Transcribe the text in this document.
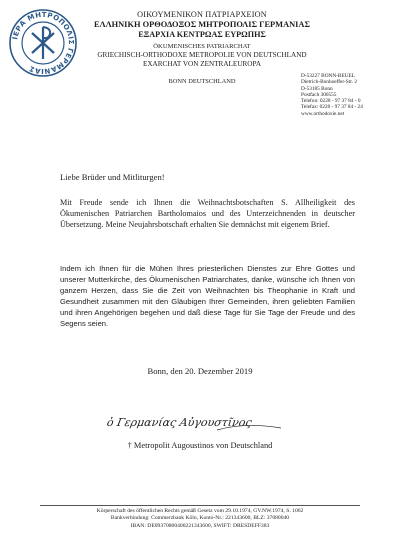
ΙΕΡΑ ΜΗΤΡΟΠΟΛΙΣ ΓΕΡΜΑΝΙΑΣ
ΟΙΚΟΥΜΕΝΙΚΟΝ ΠΑΤΡΙΑΡΧΕΙΟΝ
ΕΛΛΗΝΙΚΗ ΟΡΘΟΔΟΞΟΣ ΜΗΤΡΟΠΟΛΙΣ ΓΕΡΜΑΝΙΑΣ
ΕΞΑΡΧΙΑ ΚΕΝΤΡΩΑΣ ΕΥΡΩΠΗΣ
ÖKUMENISCHES PATRIARCHAT
GRIECHISCH-ORTHODOXE METROPOLIE VON DEUTSCHLAND
EXARCHAT VON ZENTRALEUROPA
BONN DEUTSCHLAND
D-53227 BONN-BEUEL
Dietrich-Bonhoeffer-Str. 2
D-53185 Bonn
Postfach 300555
Telefon: 0228 - 97 37 84 - 0
Telefax: 0228 - 97 37 84 - 24
www.orthodoxie.net
Liebe Brüder und Mitliturgen!
Mit Freude sende ich Ihnen die Weihnachtsbotschaften S. Allheiligkeit des Ökumenischen Patriarchen Bartholomaios und des Unterzeichnenden in deutscher Übersetzung. Meine Neujahrsbotschaft erhalten Sie demnächst mit eigenem Brief.
Indem ich Ihnen für die Mühen Ihres priesterlichen Dienstes zur Ehre Gottes und unserer Mutterkirche, des Ökumenischen Patriarchates, danke, wünsche ich Ihnen von ganzem Herzen, dass Sie die Zeit von Weihnachten bis Theophanie in Kraft und Gesundheit zusammen mit den Gläubigen Ihrer Gemeinden, ihren geliebten Familien und ihren Angehörigen begehen und daß diese Tage für Sie Tage der Freude und des Segens seien.
Bonn, den 20. Dezember 2019
ὁ Γερμανίας Αὐγουστῖνος
† Metropolit Augoustinos von Deutschland
Körperschaft des öffentlichen Rechts gemäß Gesetz vom 29.10.1974, GV.NW.1974, S. 1062
Bankverbindung: Commerzbank Köln, Konto-Nr.: 221343600, BLZ: 37080040
IBAN: DE09370800400221343600, SWIFT: DRESDEFF383
